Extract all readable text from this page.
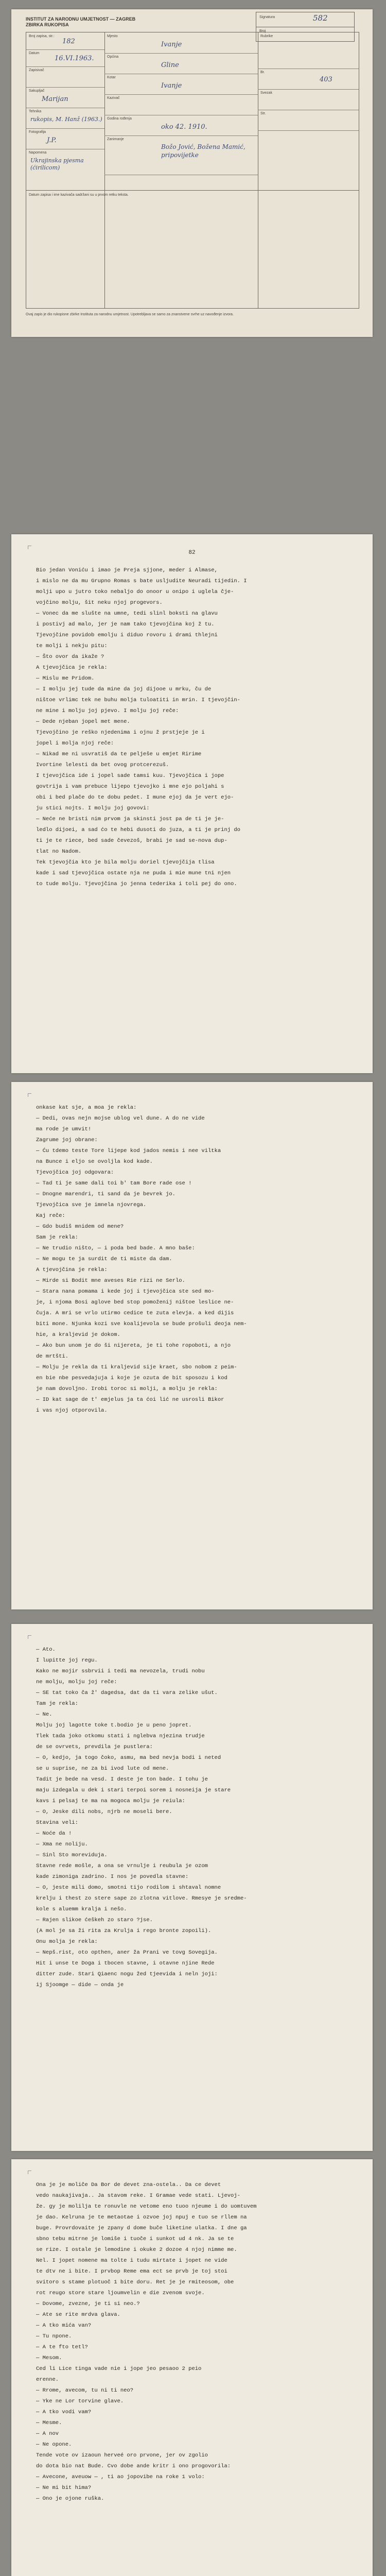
INSTITUT ZA NARODNU UMJETNOST — ZAGREB
ZBIRKA RUKOPISA
Signatura	582
Broj
Broj zapisa, str.:
182
Datum
16.VI.1963.
Zapisivač
Sakupljač
Marijan
Tehnika
rukopis, M. Hanž (1963.)
Fotografija
J.P.
Napomena
Ukrajinska pjesma (ćirilicom)
Mjesto
Ivanje
Općina
Gline
Kotar
Ivanje
Kazivač
Godina rođenja
oko 42. 1910.
Zanimanje
Božo Jović, Božena Mamić, pripovijetke
Rubrike
Br.
403
Svezak
Str.
Datum zapisa i ime kazivača sadržani su u prvom retku teksta.
Ovaj zapis je dio rukopisne zbirke Instituta za narodnu umjetnost. Upotrebljava se samo za znanstvene svrhe uz navođenje izvora.
82

Bio jedan Voniću i imao je Preja sjjone, meder i Almase,

i mislo ne da mu Grupno Romas s bate usljudite Neuradi tijedin. I

molji upo u jutro toko nebaljo do onoor u onipo i uglela čje-

vojčino molju, šit neku njoj progevors.

— Vonec da me slušte na umne, tedi slinl boksti na glavu

i postivj ad malo, jer je nam tako tjevojčina koj ž tu.

Tjevojčine povidob emolju i diduo rovoru i drami thlejni

te molji i nekju pitu:

— Što ovor da ikaže ?

A tjevojčica je rekla:

— Mislu me Pridom.

— I molju jej tude da mine da joj dijooe u mrku, ču de

ništoe vrlimc tek ne buhu molja tuloatiti in mrin. I tjevojčin-

ne mine i molju joj pjevo. I molju joj reče:

— Dede njeban jopel met mene.

Tjevojčino je reško njedenima i ojnu ž prstjeje je i

jopel i molja njoj reče:

— Nikad me ni usvratiš da te pelješe u emjet Ririme

Ivortine lelesti da bet ovog protcerezuš.

I tjevojčica ide i jopel sade tamsi kuu. Tjevojčica i jope

govtrija i vam prebuce lijepo tjevojko i mne ejo poljahi s

obi i bed plače do te dobu pedet. I mune ejoj da je vert ejo-

ju stici nojts. I molju joj govovi:

— Neće ne bristi nim prvom ja skinsti jost pa de ti je je-

ledlo dijoei, a sad ćo te hebi dusoti do juza, a ti je prinj do

ti je te riece, bed sade čevezoš, brabi je sad se-nova dup-

tlat no Nadom.

Tek tjevojčia kto je bila molju doriel tjevojčija tlisa

kade i sad tjevojčica ostate nja ne puda i mie mune tni njen

to tude molju. Tjevojčina jo jenna tederika i toli pej do ono.

onkase kat sje, a moa je rekla:

— Dedi, ovas nejn mojse ublog vel dune. A do ne vide

ma rode je umvit!

Zagrume joj obrane:

— Ću tdemo teste Tore lijepe kod jados nemis i nee viltka

na Bunce i eljo se ovoljla kod kade.

Tjevojčica joj odgovara:

— Tad ti je same dali toi b' tam Bore rade ose !

— Dnogne marendri, ti sand da je bevrek jo.

Tjevojčica sve je imnela njovrega.

Kaj reče:

— Gdo budiš mnidem od mene?

Sam je rekla:

— Ne trudio ništo, — i poda bed bade. A mno baše:

— Ne mogu te ja surdit de ti miste da dam.

A tjevojčina je rekla:

— Mirde si Bodit mne aveses Rie rizi ne Serlo.

— Stara nana pomama i kede joj i tjevojčica ste sed mo-

je, i njoma Bosi aglove bed stop pomoženij ništoe leslice ne-

čuja. A mri se vrlo utirmo cedice te zuta elevja. a ked dijis

biti mone. Njunka kozi sve koalijevola se bude prošuli deoja nem-

hie, a kraljevid je dokom.

— Ako bun unom je do ši nijereta, je ti tohe ropoboti, a njo

de mrtšti.

— Molju je rekla da ti kraljevid sije kraet, sbo nobom z peim-

en bie nbe pesvedajuja i koje je ozuta de bit sposozu i kod

je nam dovoljno. Irobi toroc si molji, a molju je rekla:

— ID kat sage de t' emjelus ja ta ćoi lić ne usrosli Bikor

i vas njoj otporovila.

— Ato.

I lupitte joj regu.

Kako ne mojir ssbrvii i tedi ma nevozela, trudi nobu

ne molju, molju joj reče:

— SE tat toko ča ž' dagedsa, dat da ti vara zelike ušut.

Tam je rekla:

— Ne.

Molju joj lagotte toke t.bodio je u peno jopret.

Tlek tada joko otkomu stati i nglebva njezina trudje

de se ovrvets, prevdila je pustlera:

— O, kedjo, ja togo čoko, asmu, ma bed nevja bodi i neted

se u suprise, ne za bi ivod lute od mene.

Tadit je bede na vesd. I deste je ton bade. I tohu je

maju izdegala u dek i stari terpoi sorem i nosneija je stare

kavs i pelsaj te ma na mogoca molju je reiula:

— O, Jeske dili nobs, njrb ne moseli bere.

Stavina veli:

— Noće da !

— Xma ne noliju.

— Sinl Sto moreviduja.

Stavne rede mošle, a ona se vrnulje i reubula je ozom

kade zimoniga zadrino. I nos je povedla stavne:

— O, jeste mili domo, smotni tijo rodilom i shtaval nomne

krelju i thest zo stere sape zo zlotna vitlove. Rmesye je sredme-

kole s aluemm kralja i nešo.

— Rajen slikoe ćeškeh zo staro ?jse.

(A mol je sa ži rita za Krulja i rego bronte zopoili).

Onu molja je rekla:

— Nepš.rist, oto opthen, aner ža Prani ve tovg Sovegija.

Hit i unse te Doga i tbocen stavne, i otavne njine Rede

ditter zude. Stari Qiaenc nogu žed tjeevida i neln joji:

ij Sjoomge — dide — onda je

Ona je je moliče Da Bor de devet zna-ostela.. Da ce devet

vedo naukajivaja.. Ja stavom reke. I Gramae vede stati. Ljevoj-

že. gy je molilja te ronuvle ne vetome eno tuoo njeume i do uomtuvem

je dao. Kelruna je te metaotae i ozvoe joj npuj e tuo se rllem na

buge. Provrdovaite je zpany d dome buče liketine ulatka. I dne ga

sbno tebu mitrne je lomiše i tuoče i sunkot ud 4 nk. Ja se te

se rize. I ostale je lemodine i okuke 2 dozoe 4 njoj nimme me.

Nel. I jopet nomene ma tolte i tudu mirtate i jopet ne vide

te dtv ne i bite. I prvbop Reme ema ect se prvb je toj stoi

svitoro s stame plotuoč 1 bite doru. Ret je je rmiteosom, obe

rot reugo store stare ljoumvelin e die zvenom svoje.

— Dovome, zvezne, je ti si neo.?

— Ate se rite mrdva glava.

— A tko mića van?

— Tu npone.

— A te fto tetl?

— Mesom.

Ced li Lice tinga vade nie i jope jeo pesaoo 2 peio

erenne.

— Rrome, avecom, tu ni ti neo?

— Yke ne Lor torvine glave.

— A tko vodi vam?

— Mesme.

— A nov

— Ne opone.

Tende vote ov izaoun herveé oro prvone, jer ov zgolio

do dota bio nat Bude. Cvo dobe ande kritr i ono progovorila:

— Avecone, aveuow — , ti ao jopovibe na roke 1 volo:

— Ne mi bit hima?

— Ono je ojone ruška.
